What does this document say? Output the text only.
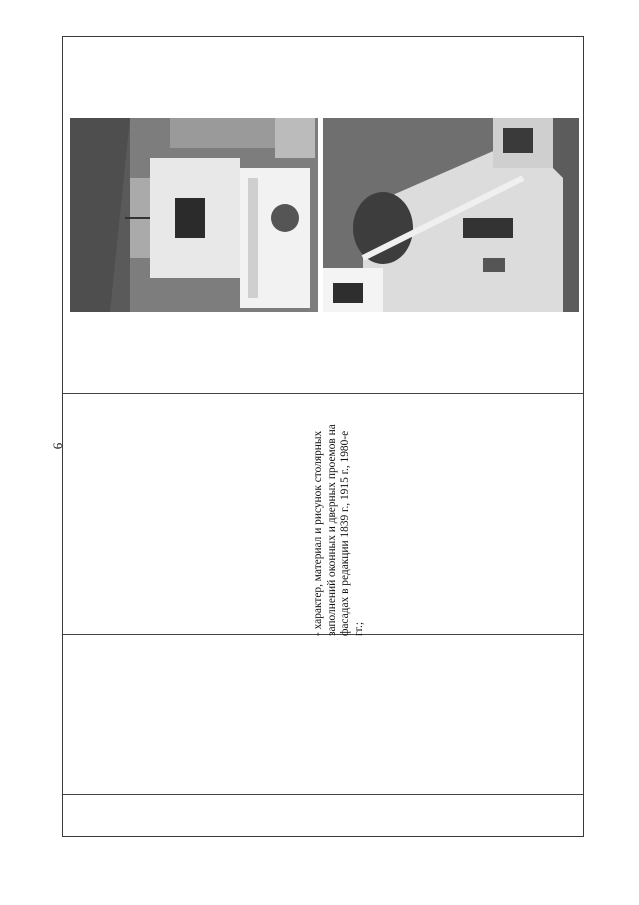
9	- характер, материал и рисунок столярных заполнений оконных и дверных проемов на фасадах в редакции 1839 г., 1915 г., 1980-е гг.;
